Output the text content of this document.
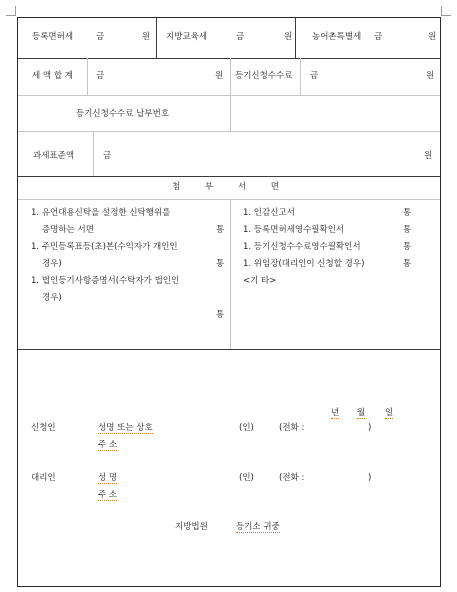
등록면허세	금	원 지방교육세	금	원 농어촌특별세 금	원
세 액 합 계	금	원 등기신청수수료 금	원
등기신청수수료 납부번호
과세표준액	금	원
첨 부 서 면
1. 유언대용신탁을 설정한 신탁행위를
증명하는 서면	통
1. 주민등록표등(초)본(수익자가 개인인
경우)	통
1. 법인등기사항증명서(수탁자가 법인인
경우)
통
1. 인감신고서	통
1. 등록면허세영수필확인서	통
1. 등기신청수수료영수필확인서	통
1. 위임장(대리인이 신청할 경우)	통
<기 타>
년 월 일
신청인	성명 또는 상호	(인)	(전화 :	)
주 소
대리인	성 명	(인)	(전화 :	)
주 소
지방법원	등기소 귀중
